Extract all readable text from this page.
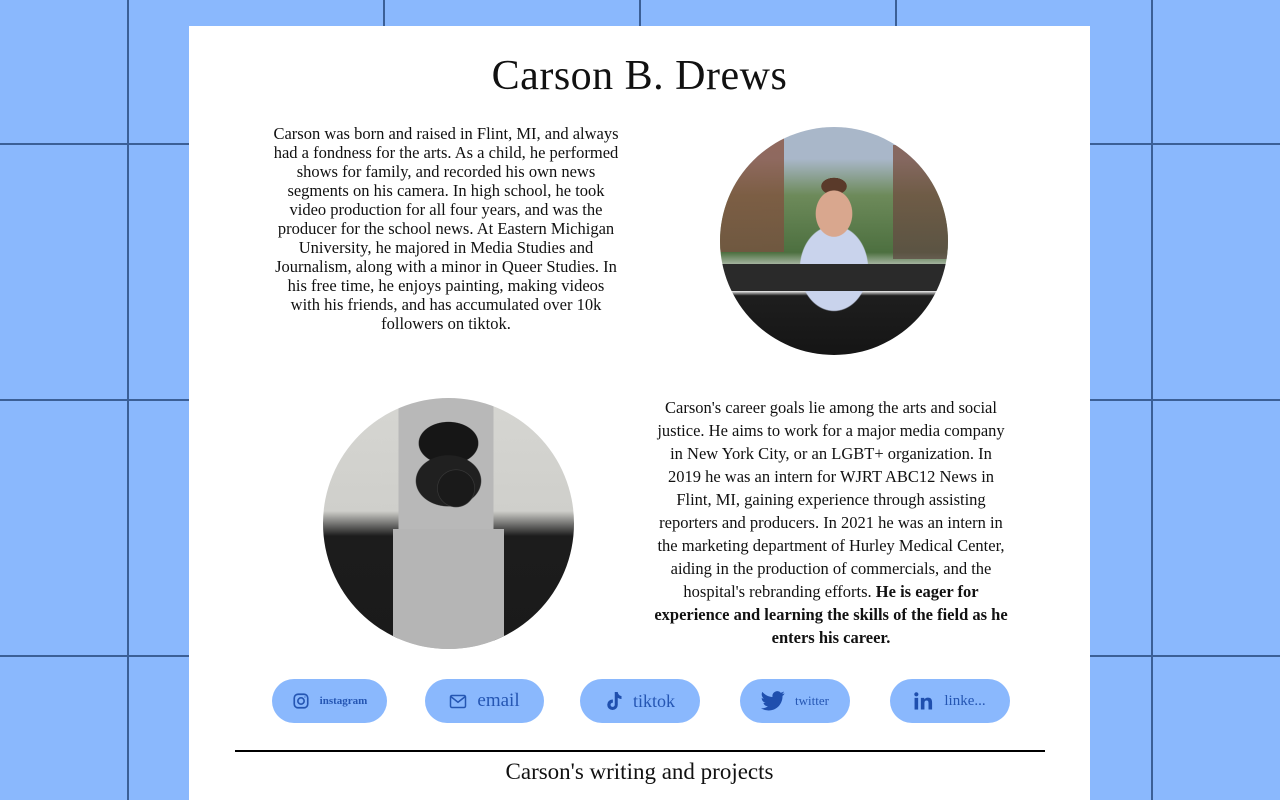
Carson B. Drews

Carson was born and raised in Flint, MI, and always had a fondness for the arts. As a child, he performed shows for family, and recorded his own news segments on his camera. In high school, he took video production for all four years, and was the producer for the school news. At Eastern Michigan University, he majored in Media Studies and Journalism, along with a minor in Queer Studies. In his free time, he enjoys painting, making videos with his friends, and has accumulated over 10k followers on tiktok.

Carson's career goals lie among the arts and social justice. He aims to work for a major media company in New York City, or an LGBT+ organization. In 2019 he was an intern for WJRT ABC12 News in Flint, MI, gaining experience through assisting reporters and producers. In 2021 he was an intern in the marketing department of Hurley Medical Center, aiding in the production of commercials, and the hospital's rebranding efforts. He is eager for experience and learning the skills of the field as he enters his career.

instagram	email	tiktok	twitter	linke...
Carson's writing and projects
